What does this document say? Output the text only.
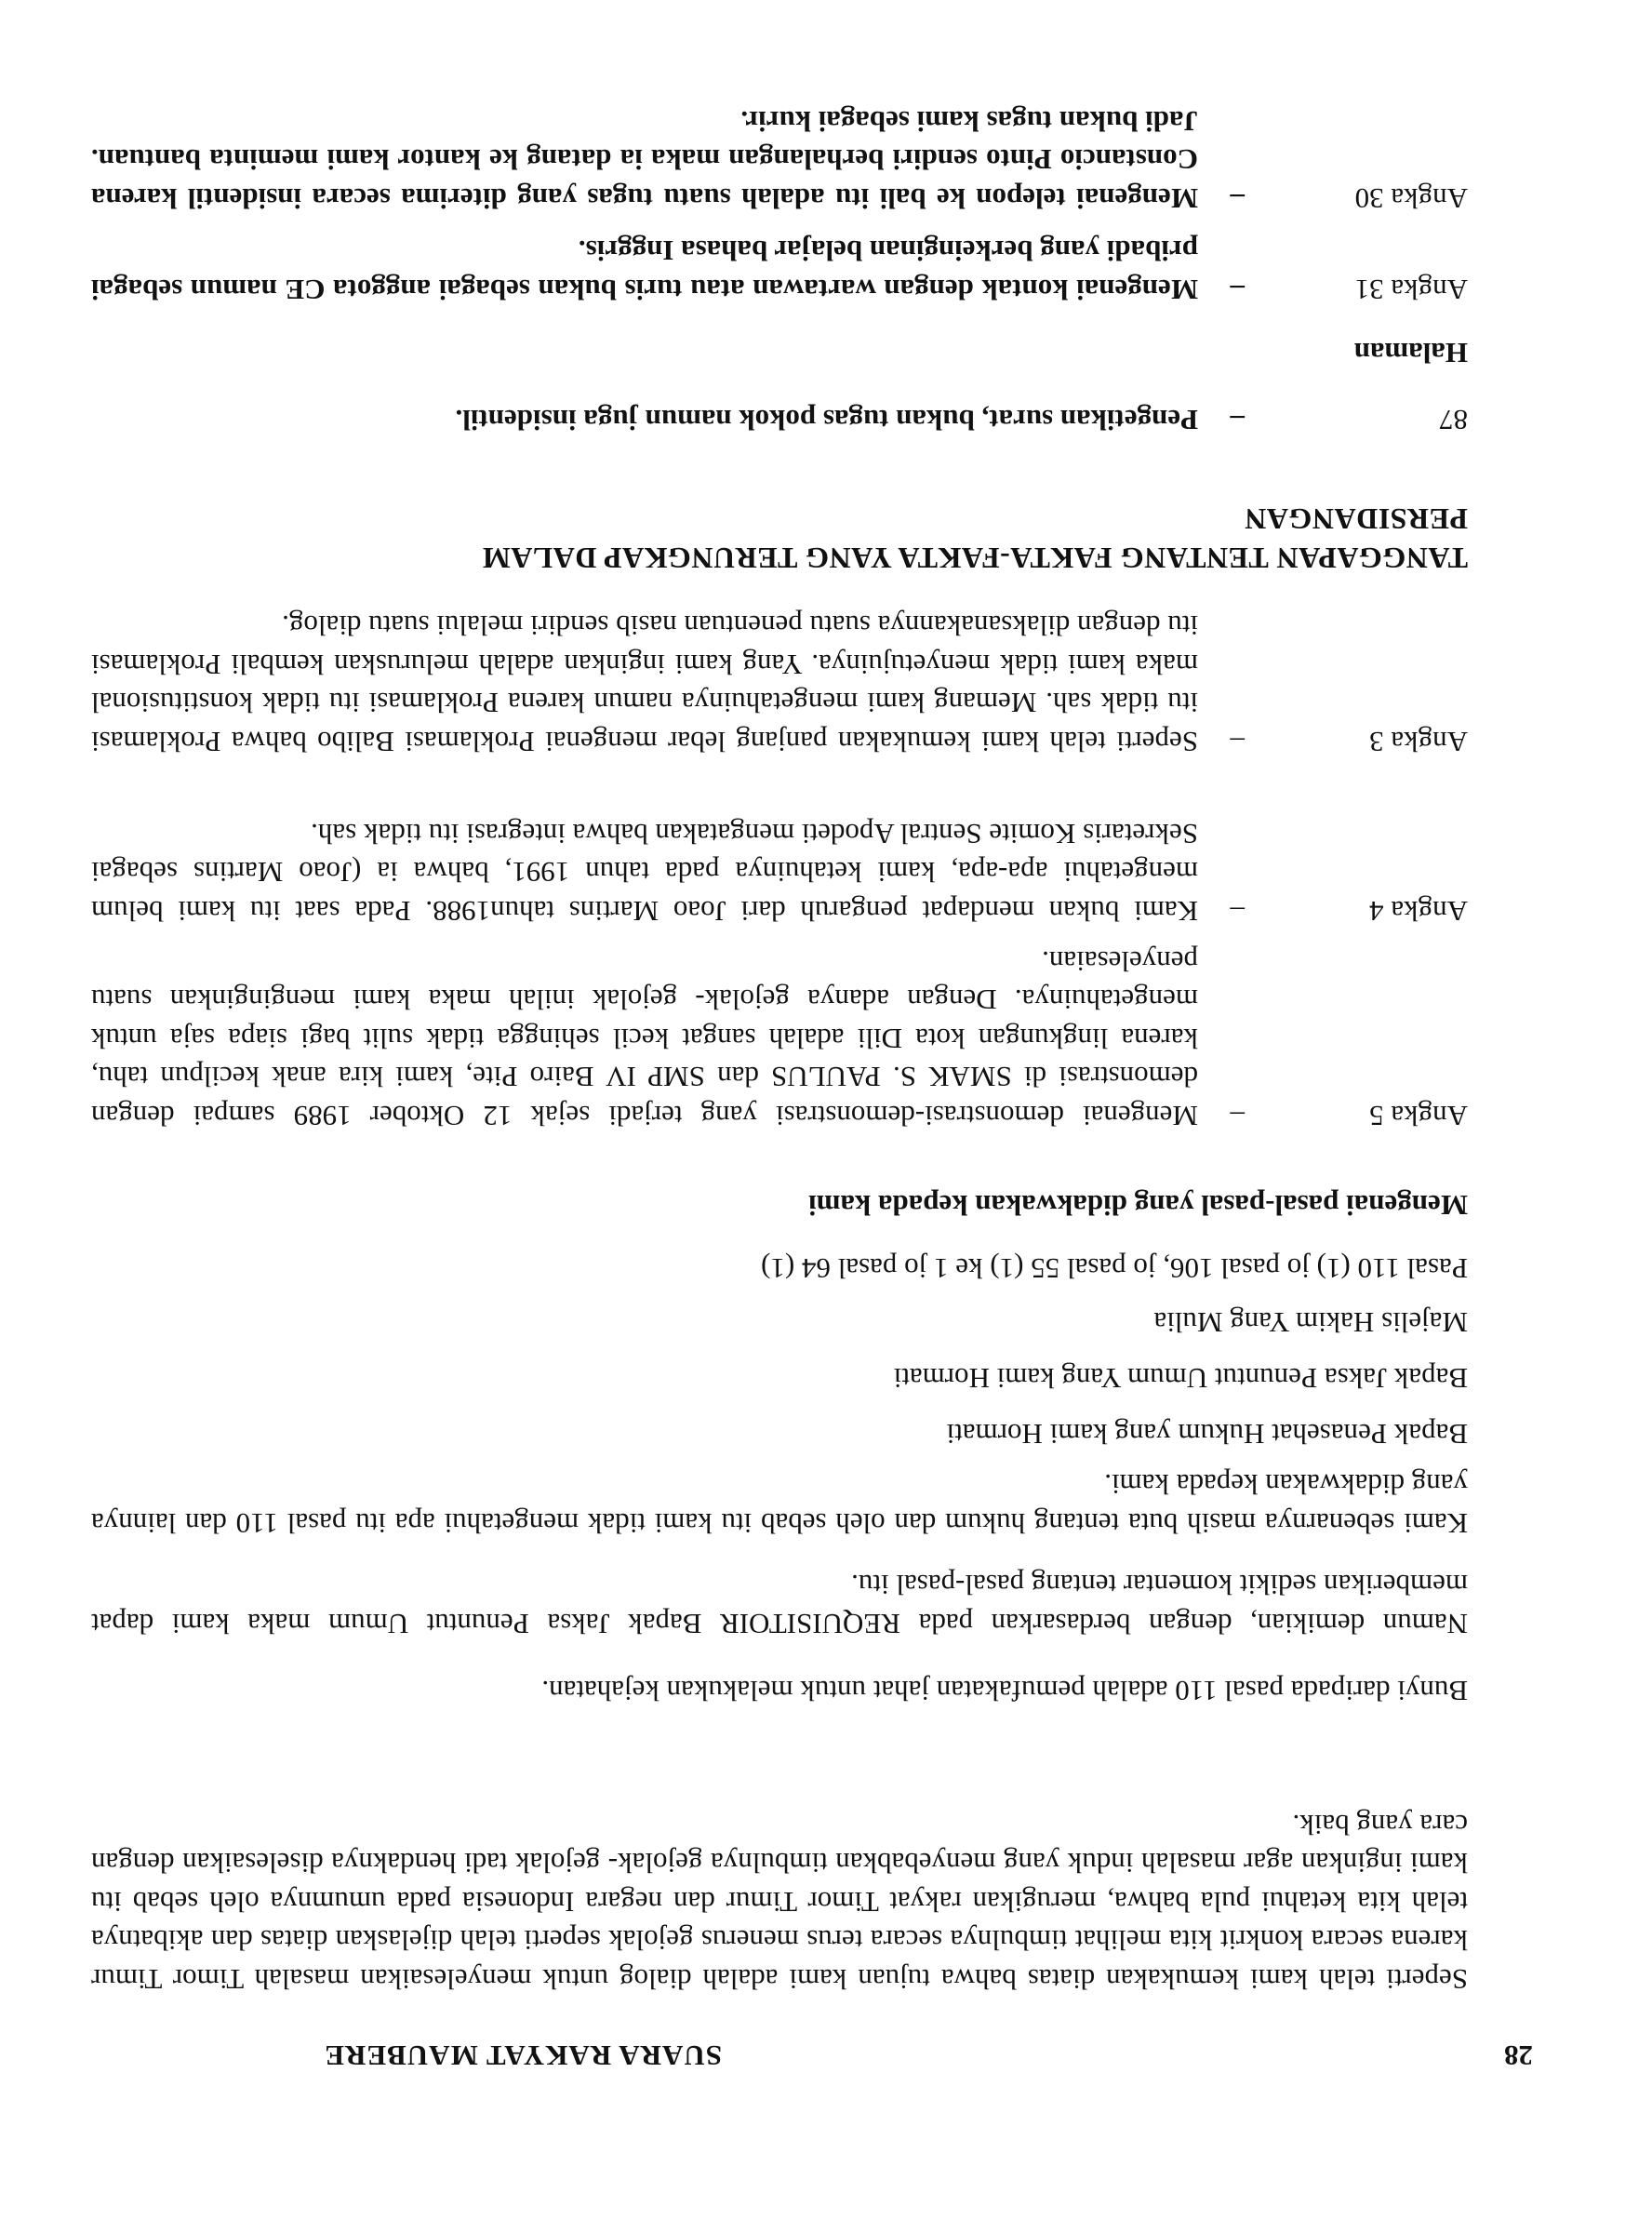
28
SUARA RAKYAT MAUBERE
Seperti telah kami kemukakan diatas bahwa tujuan kami adalah dialog untuk menyelesaikan masalah Timor Timur karena secara konkrit kita melihat timbulnya secara terus menerus gejolak seperti telah dijelaskan diatas dan akibatnya telah kita ketahui pula bahwa, merugikan rakyat Timor Timur dan negara Indonesia pada umumnya oleh sebab itu kami inginkan agar masalah induk yang menyebabkan timbulnya gejolak- gejolak tadi hendaknya diselesaikan dengan cara yang baik.
Bunyi daripada pasal 110 adalah pemufakatan jahat untuk melakukan kejahatan.
Namun demikian, dengan berdasarkan pada REQUISITOIR Bapak Jaksa Penuntut Umum maka kami dapat memberikan sedikit komentar tentang pasal-pasal itu.
Kami sebenarnya masih buta tentang hukum dan oleh sebab itu kami tidak mengetahui apa itu pasal 110 dan lainnya yang didakwakan kepada kami.
Bapak Penasehat Hukum yang kami Hormati
Bapak Jaksa Penuntut Umum Yang kami Hormati
Majelis Hakim Yang Mulia
Pasal 110 (1) jo pasal 106, jo pasal 55 (1) ke 1 jo pasal 64 (1)
Mengenai pasal-pasal yang didakwakan kepada kami
Angka 5
–
Mengenai demonstrasi-demonstrasi yang terjadi sejak 12 Oktober 1989 sampai dengan demonstrasi di SMAK S. PAULUS dan SMP IV Bairo Pite, kami kira anak kecilpun tahu, karena lingkungan kota Dili adalah sangat kecil sehingga tidak sulit bagi siapa saja untuk mengetahuinya. Dengan adanya gejolak- gejolak inilah maka kami menginginkan suatu penyelesaian.
Angka 4
–
Kami bukan mendapat pengaruh dari Joao Martins tahun1988. Pada saat itu kami belum mengetahui apa-apa, kami ketahuinya pada tahun 1991, bahwa ia (Joao Martins sebagai Sekretaris Komite Sentral Apodeti mengatakan bahwa integrasi itu tidak sah.
Angka 3
–
Seperti telah kami kemukakan panjang lebar mengenai Proklamasi Balibo bahwa Proklamasi itu tidak sah. Memang kami mengetahuinya namun karena Proklamasi itu tidak konstitusional maka kami tidak menyetujuinya. Yang kami inginkan adalah meluruskan kembali Proklamasi itu dengan dilaksanakannya suatu penentuan nasib sendiri melalui suatu dialog.
TANGGAPAN TENTANG FAKTA-FAKTA YANG TERUNGKAP DALAM PERSIDANGAN
87
–
Pengetikan surat, bukan tugas pokok namun juga insidentil.
Halaman
Angka 31
–
Mengenai kontak dengan wartawan atau turis bukan sebagai anggota CE namun sebagai pribadi yang berkeinginan belajar bahasa Inggris.
Angka 30
–
Mengenai telepon ke bali itu adalah suatu tugas yang diterima secara insidentil karena Constancio Pinto sendiri berhalangan maka ia datang ke kantor kami meminta bantuan. Jadi bukan tugas kami sebagai kurir.
